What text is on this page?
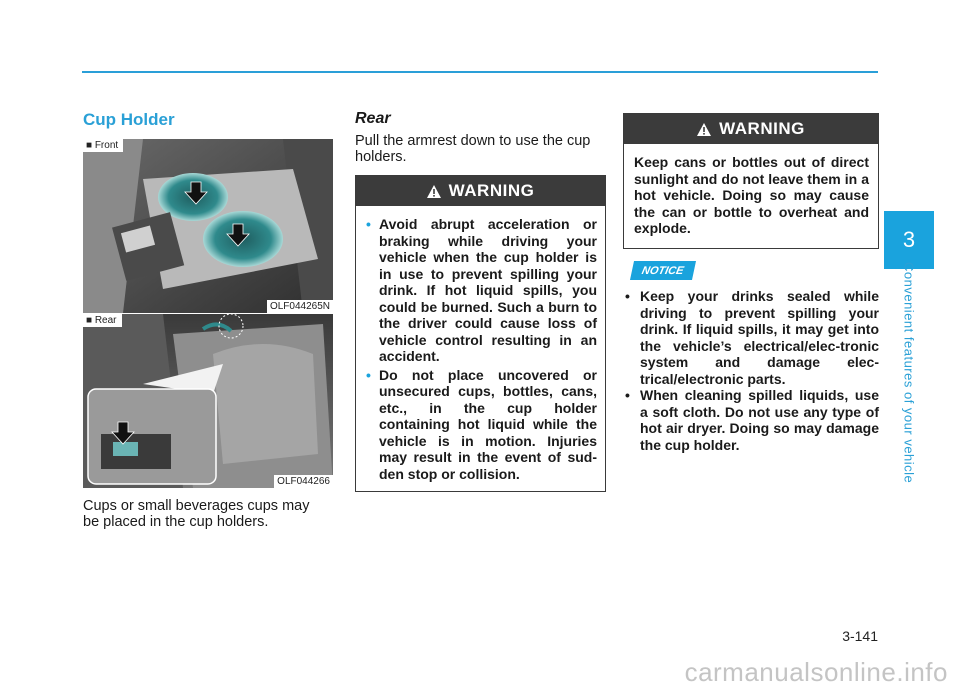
3
Convenient features of your vehicle
Cup Holder
■ Front
OLF044265N
■ Rear
OLF044266
Cups or small beverages cups may
be placed in the cup holders.
Rear
Pull the armrest down to use the cup
holders.
WARNING
• Avoid abrupt acceleration or braking while driving your vehicle when the cup holder is in use to prevent spilling your drink. If hot liquid spills, you could be burned. Such a burn to the driver could cause loss of vehicle control resulting in an accident.
• Do not place uncovered or unsecured cups, bottles, cans, etc., in the cup holder containing hot liquid while the vehicle is in motion. Injuries may result in the event of sud-den stop or collision.
WARNING
Keep cans or bottles out of direct sunlight and do not leave them in a hot vehicle. Doing so may cause the can or bottle to overheat and explode.
NOTICE
• Keep your drinks sealed while driving to prevent spilling your drink. If liquid spills, it may get into the vehicle’s electrical/elec-tronic system and damage elec-trical/electronic parts.
• When cleaning spilled liquids, use a soft cloth. Do not use any type of hot air dryer. Doing so may damage the cup holder.
3-141
carmanualsonline.info
